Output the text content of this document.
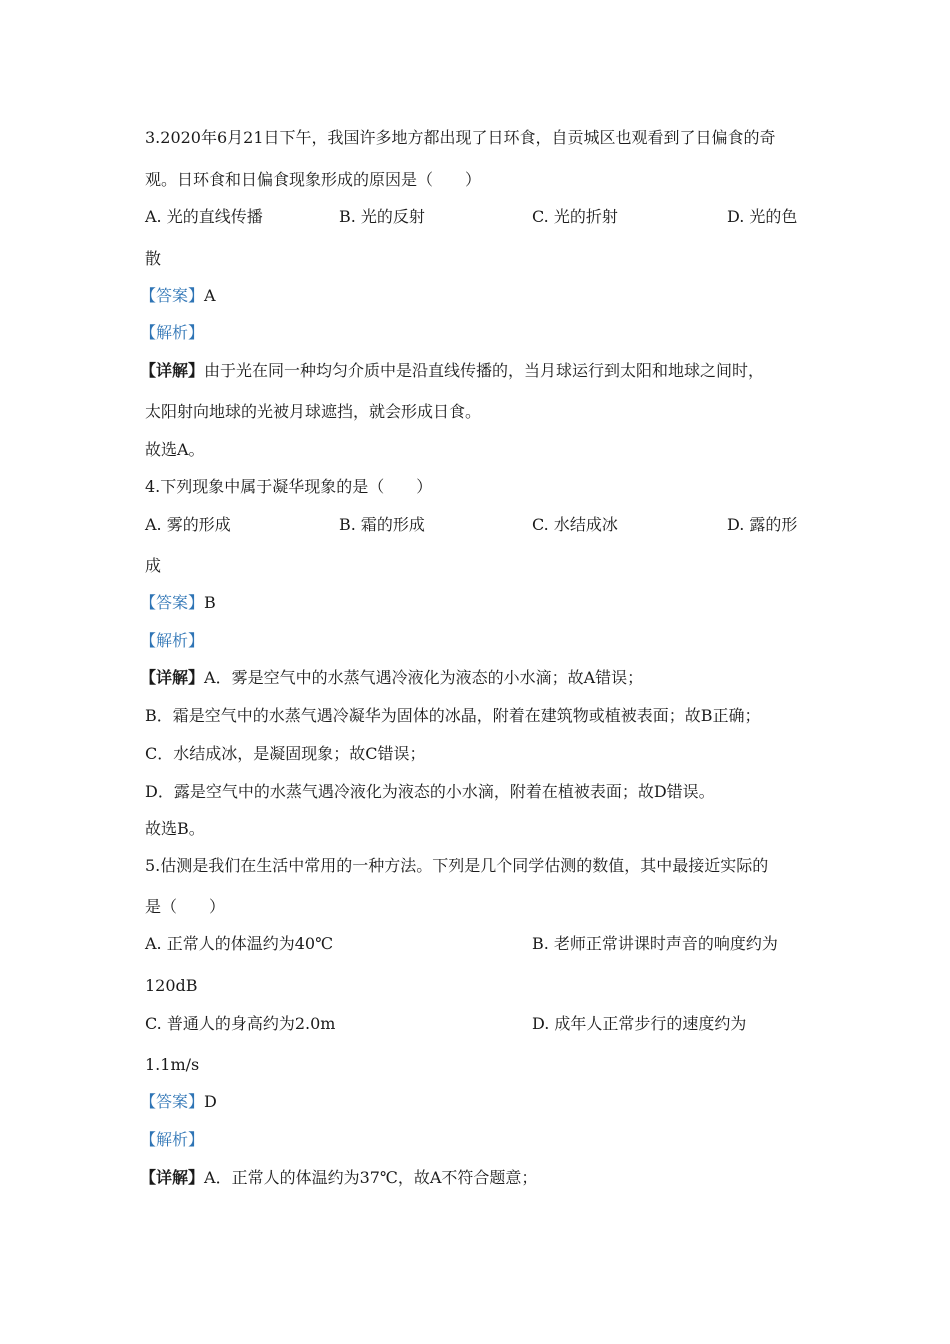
3.2020年6月21日下午，我国许多地方都出现了日环食，自贡城区也观看到了日偏食的奇
观。日环食和日偏食现象形成的原因是（　　）
A. 光的直线传播	B. 光的反射	C. 光的折射	D. 光的色
散
【答案】A
【解析】
【详解】由于光在同一种均匀介质中是沿直线传播的，当月球运行到太阳和地球之间时，
太阳射向地球的光被月球遮挡，就会形成日食。
故选A。
4.下列现象中属于凝华现象的是（　　）
A. 雾的形成	B. 霜的形成	C. 水结成冰	D. 露的形
成
【答案】B
【解析】
【详解】A．雾是空气中的水蒸气遇冷液化为液态的小水滴；故A错误；
B．霜是空气中的水蒸气遇冷凝华为固体的冰晶，附着在建筑物或植被表面；故B正确；
C．水结成冰，是凝固现象；故C错误；
D．露是空气中的水蒸气遇冷液化为液态的小水滴，附着在植被表面；故D错误。
故选B。
5.估测是我们在生活中常用的一种方法。下列是几个同学估测的数值，其中最接近实际的
是（　　）
A. 正常人的体温约为40℃	B. 老师正常讲课时声音的响度约为
120dB
C. 普通人的身高约为2.0m	D. 成年人正常步行的速度约为
1.1m/s
【答案】D
【解析】
【详解】A．正常人的体温约为37℃，故A不符合题意；
